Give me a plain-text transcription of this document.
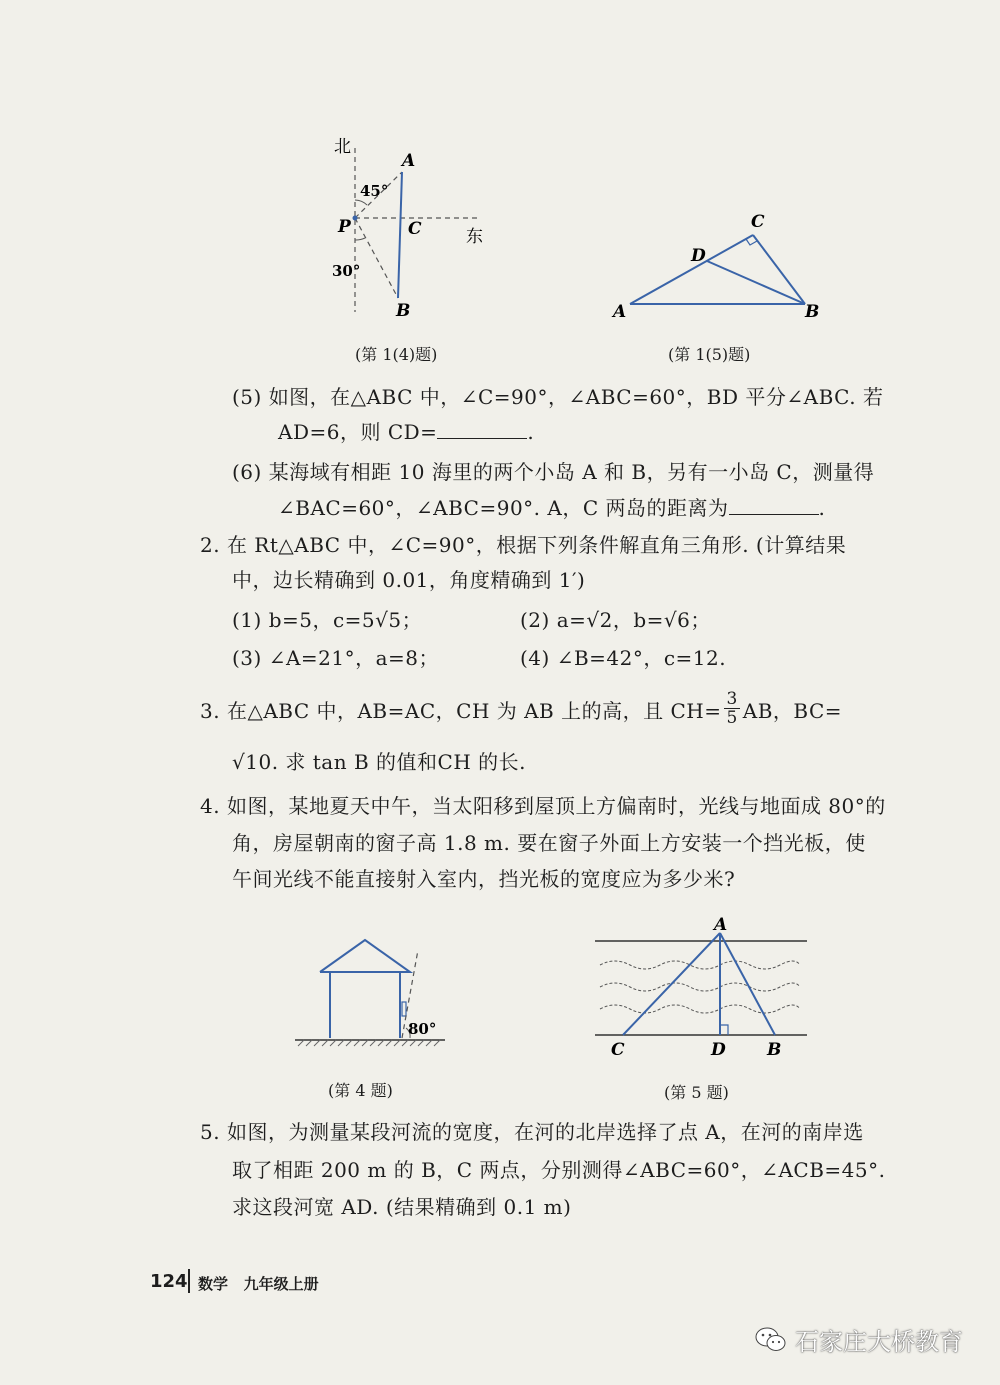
北
A
45°
P	C	东
30°
B
(第 1(4)题)
C
D
A	B
(第 1(5)题)
(5) 如图，在△ABC 中，∠C=90°，∠ABC=60°，BD 平分∠ABC. 若
AD=6，则 CD=	.
(6) 某海域有相距 10 海里的两个小岛 A 和 B，另有一小岛 C，测量得
∠BAC=60°，∠ABC=90°. A，C 两岛的距离为	.
2. 在 Rt△ABC 中，∠C=90°，根据下列条件解直角三角形. (计算结果
中，边长精确到 0.01，角度精确到 1′)
(1) b=5，c=5√5；	(2) a=√2，b=√6；
(3) ∠A=21°，a=8；	(4) ∠B=42°，c=12.
3. 在△ABC 中，AB=AC，CH 为 AB 上的高，且 $CH= \frac{3}{5}$ AB，BC=
√10. 求 tan B 的值和CH 的长.
4. 如图，某地夏天中午，当太阳移到屋顶上方偏南时，光线与地面成 80°的
角，房屋朝南的窗子高 1.8 m. 要在窗子外面上方安装一个挡光板，使
午间光线不能直接射入室内，挡光板的宽度应为多少米?
80°
(第 4 题)
A
C	D B
(第 5 题)
5. 如图，为测量某段河流的宽度，在河的北岸选择了点 A，在河的南岸选
取了相距 200 m 的 B，C 两点，分别测得∠ABC=60°，∠ACB=45°.
求这段河宽 AD. (结果精确到 0.1 m)
124 数学   九年级上册
石家庄大桥教育
